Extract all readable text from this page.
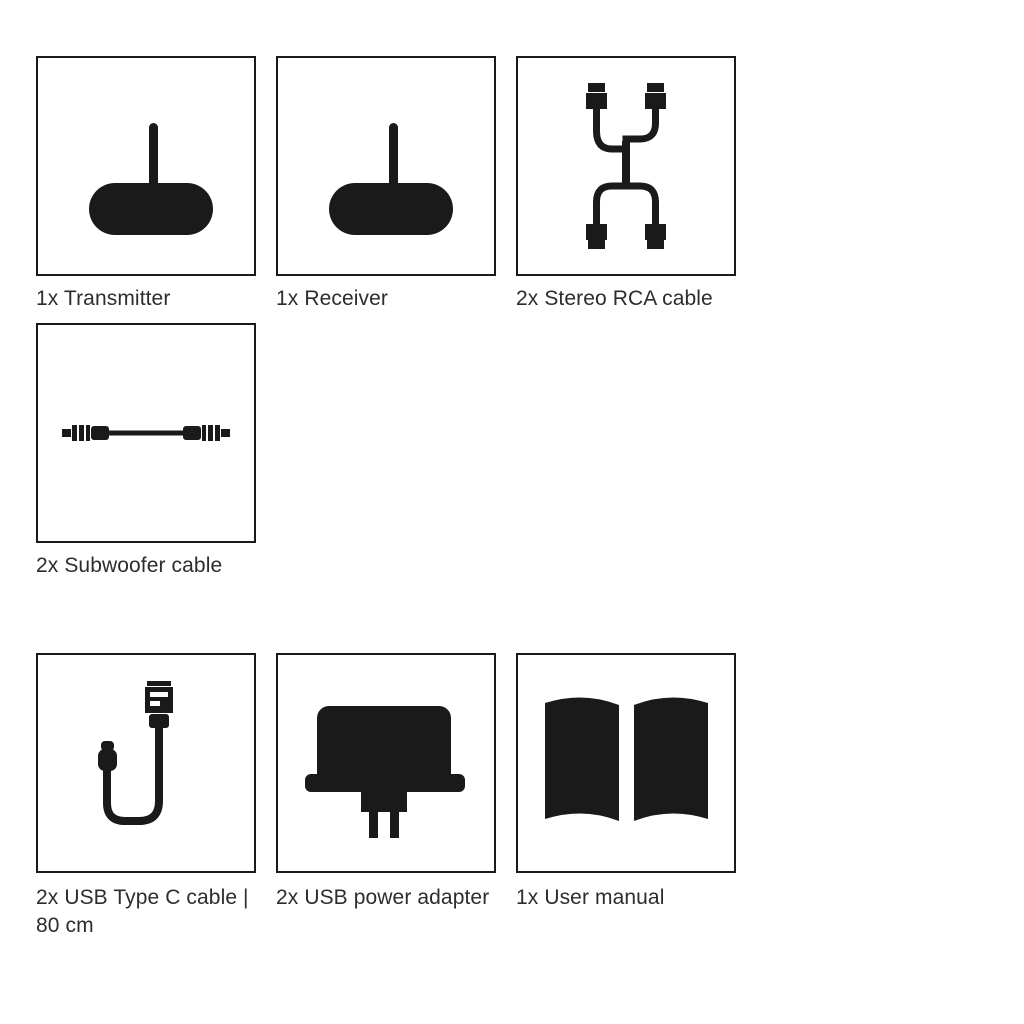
1x Transmitter	1x Receiver	2x Stereo RCA cable
2x Subwoofer cable
2x USB Type C cable | 80 cm
2x USB power adapter 1x User manual
